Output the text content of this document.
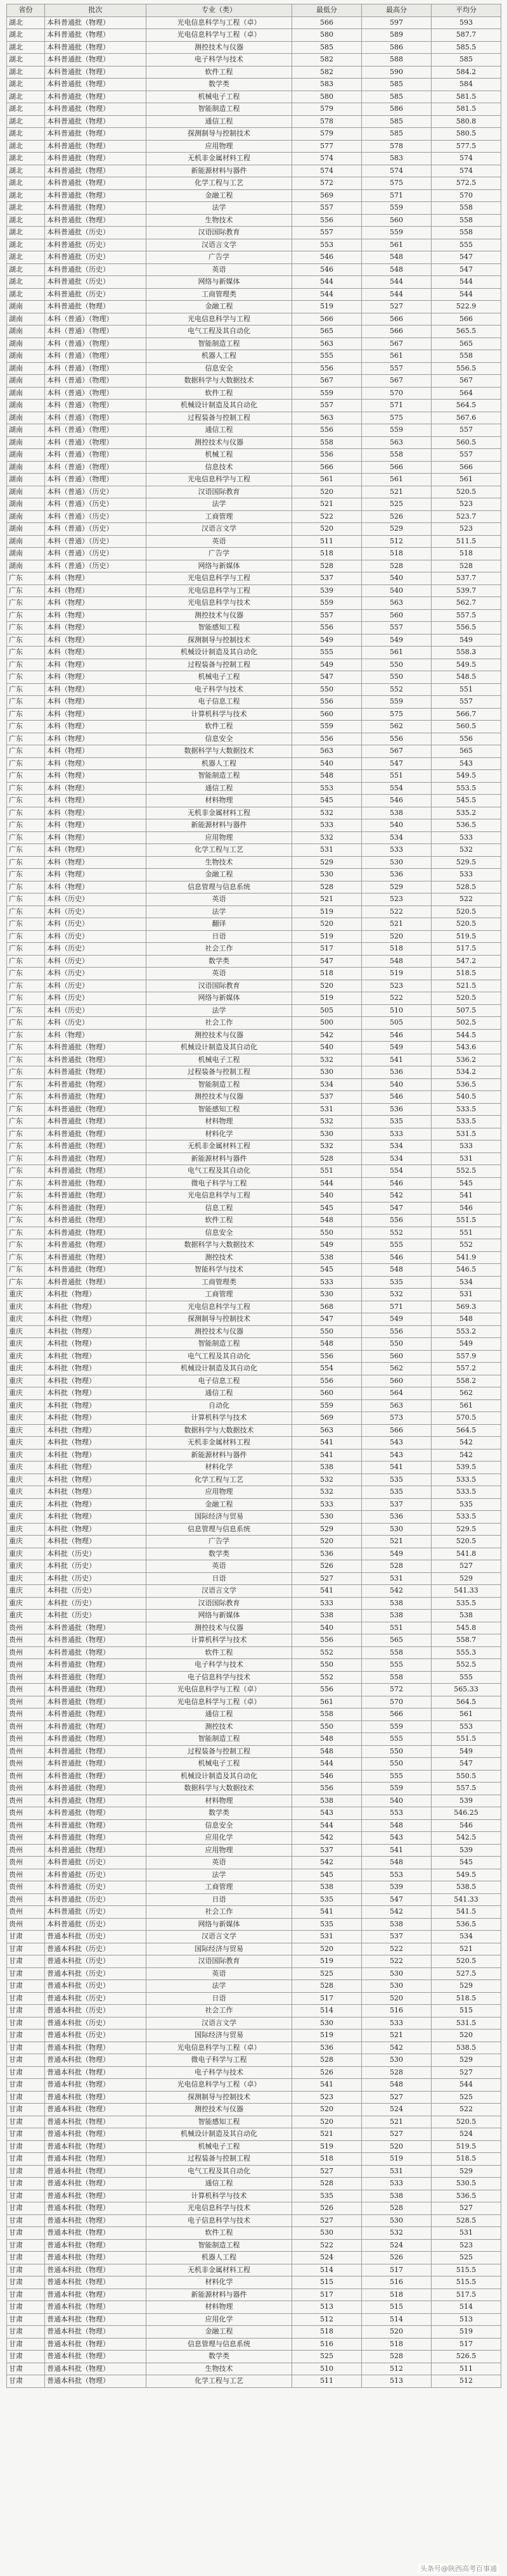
省份	批次	专业（类）	最低分	最高分	平均分
湖北	本科普通批（物理）	光电信息科学与工程（卓）	566	597	593
湖北	本科普通批（物理）	光电信息科学与工程（卓）	580	589	587.7
湖北	本科普通批（物理）	测控技术与仪器	585	586	585.5
湖北	本科普通批（物理）	电子科学与技术	582	588	585
湖北	本科普通批（物理）	软件工程	582	590	584.2
湖北	本科普通批（物理）	数学类	583	585	584
湖北	本科普通批（物理）	机械电子工程	580	585	581.5
湖北	本科普通批（物理）	智能制造工程	579	586	581.5
湖北	本科普通批（物理）	通信工程	578	585	580.8
湖北	本科普通批（物理）	探测制导与控制技术	579	585	580.5
湖北	本科普通批（物理）	应用物理	577	578	577.5
湖北	本科普通批（物理）	无机非金属材料工程	574	583	574
湖北	本科普通批（物理）	新能源材料与器件	574	574	574
湖北	本科普通批（物理）	化学工程与工艺	572	575	572.5
湖北	本科普通批（物理）	金融工程	569	571	570
湖北	本科普通批（物理）	法学	557	559	558
湖北	本科普通批（物理）	生物技术	556	560	558
湖北	本科普通批（历史）	汉语国际教育	557	559	558
湖北	本科普通批（历史）	汉语言文学	553	561	555
湖北	本科普通批（历史）	广告学	546	548	547
湖北	本科普通批（历史）	英语	546	548	547
湖北	本科普通批（历史）	网络与新媒体	544	544	544
湖北	本科普通批（历史）	工商管理类	544	544	544
湖南	本科普通批（物理）	金融工程	519	527	522.9
湖南	本科（普通）（物理）	光电信息科学与工程	566	566	566
湖南	本科（普通）（物理）	电气工程及其自动化	565	566	565.5
湖南	本科（普通）（物理）	智能制造工程	563	567	565
湖南	本科（普通）（物理）	机器人工程	555	561	558
湖南	本科（普通）（物理）	信息安全	556	557	556.5
湖南	本科（普通）（物理）	数据科学与大数据技术	567	567	567
湖南	本科（普通）（物理）	软件工程	559	570	564
湖南	本科（普通）（物理）	机械设计制造及其自动化	557	571	564.5
湖南	本科（普通）（物理）	过程装备与控制工程	563	575	567.6
湖南	本科（普通）（物理）	通信工程	556	559	557
湖南	本科（普通）（物理）	测控技术与仪器	558	563	560.5
湖南	本科（普通）（物理）	机械工程	556	558	557
湖南	本科（普通）（物理）	信息技术	566	566	566
湖南	本科（普通）（物理）	光电信息科学与工程	561	561	561
湖南	本科（普通）（历史）	汉语国际教育	520	521	520.5
湖南	本科（普通）（历史）	法学	521	525	523
湖南	本科（普通）（历史）	工商管理	522	526	523.7
湖南	本科（普通）（历史）	汉语言文学	520	529	523
湖南	本科（普通）（历史）	英语	511	512	511.5
湖南	本科（普通）（历史）	广告学	518	518	518
湖南	本科（普通）（历史）	网络与新媒体	528	528	528
广东	本科（物理）	光电信息科学与工程	537	540	537.7
广东	本科（物理）	光电信息科学与工程	539	540	539.7
广东	本科（物理）	光电信息科学与技术	559	563	562.7
广东	本科（物理）	测控技术与仪器	557	560	557.5
广东	本科（物理）	智能感知工程	556	557	556.5
广东	本科（物理）	探测制导与控制技术	549	549	549
广东	本科（物理）	机械设计制造及其自动化	555	561	558.3
广东	本科（物理）	过程装备与控制工程	549	550	549.5
广东	本科（物理）	机械电子工程	547	550	548.5
广东	本科（物理）	电子科学与技术	550	552	551
广东	本科（物理）	电子信息工程	556	559	557
广东	本科（物理）	计算机科学与技术	560	575	566.7
广东	本科（物理）	软件工程	559	562	560.5
广东	本科（物理）	信息安全	556	556	556
广东	本科（物理）	数据科学与大数据技术	563	567	565
广东	本科（物理）	机器人工程	540	547	543
广东	本科（物理）	智能制造工程	548	551	549.5
广东	本科（物理）	通信工程	553	554	553.5
广东	本科（物理）	材料物理	545	546	545.5
广东	本科（物理）	无机非金属材料工程	532	538	535.2
广东	本科（物理）	新能源材料与器件	533	540	536.5
广东	本科（物理）	应用物理	532	534	533
广东	本科（物理）	化学工程与工艺	531	533	532
广东	本科（物理）	生物技术	529	530	529.5
广东	本科（物理）	金融工程	530	536	533
广东	本科（物理）	信息管理与信息系统	528	529	528.5
广东	本科（历史）	英语	521	523	522
广东	本科（历史）	法学	519	522	520.5
广东	本科（历史）	翻译	520	521	520.5
广东	本科（历史）	日语	519	520	519.5
广东	本科（历史）	社会工作	517	518	517.5
广东	本科（历史）	数学类	547	548	547.2
广东	本科（历史）	英语	518	519	518.5
广东	本科（历史）	汉语国际教育	520	523	521.5
广东	本科（历史）	网络与新媒体	519	522	520.5
广东	本科（历史）	法学	505	510	507.5
广东	本科（历史）	社会工作	500	505	502.5
广东	本科（物理）	测控技术与仪器	542	546	544.5
广东	本科普通批（物理）	机械设计制造及其自动化	540	549	543.6
广东	本科普通批（物理）	机械电子工程	532	541	536.2
广东	本科普通批（物理）	过程装备与控制工程	530	536	534.2
广东	本科普通批（物理）	智能制造工程	534	540	536.5
广东	本科普通批（物理）	测控技术与仪器	537	546	540.5
广东	本科普通批（物理）	智能感知工程	531	536	533.5
广东	本科普通批（物理）	材料物理	532	535	533.5
广东	本科普通批（物理）	材料化学	530	533	531.5
广东	本科普通批（物理）	无机非金属材料工程	532	534	533
广东	本科普通批（物理）	新能源材料与器件	528	534	531
广东	本科普通批（物理）	电气工程及其自动化	551	554	552.5
广东	本科普通批（物理）	微电子科学与工程	544	546	545
广东	本科普通批（物理）	光电信息科学与工程	540	542	541
广东	本科普通批（物理）	信息工程	545	547	546
广东	本科普通批（物理）	软件工程	548	556	551.5
广东	本科普通批（物理）	信息安全	550	552	551
广东	本科普通批（物理）	数据科学与大数据技术	549	555	552
广东	本科普通批（物理）	测控技术	538	546	541.9
广东	本科普通批（物理）	智能科学与技术	545	548	546.5
广东	本科普通批（物理）	工商管理类	533	535	534
重庆	本科批（物理）	工商管理	530	532	531
重庆	本科批（物理）	光电信息科学与工程	568	571	569.3
重庆	本科批（物理）	探测制导与控制技术	547	549	548
重庆	本科批（物理）	测控技术与仪器	550	556	553.2
重庆	本科批（物理）	智能制造工程	548	550	549
重庆	本科批（物理）	电气工程及其自动化	556	560	557.9
重庆	本科批（物理）	机械设计制造及其自动化	554	562	557.2
重庆	本科批（物理）	电子信息工程	556	560	558.2
重庆	本科批（物理）	通信工程	560	564	562
重庆	本科批（物理）	自动化	559	563	561
重庆	本科批（物理）	计算机科学与技术	569	573	570.5
重庆	本科批（物理）	数据科学与大数据技术	563	566	564.5
重庆	本科批（物理）	无机非金属材料工程	541	543	542
重庆	本科批（物理）	新能源材料与器件	541	543	542
重庆	本科批（物理）	材料化学	538	541	539.5
重庆	本科批（物理）	化学工程与工艺	532	535	533.5
重庆	本科批（物理）	应用物理	532	535	533.5
重庆	本科批（物理）	金融工程	533	537	535
重庆	本科批（物理）	国际经济与贸易	530	536	533.5
重庆	本科批（物理）	信息管理与信息系统	529	530	529.5
重庆	本科批（物理）	广告学	520	521	520.5
重庆	本科批（历史）	数学类	536	549	541.8
重庆	本科批（历史）	英语	526	528	527
重庆	本科批（历史）	日语	527	531	529
重庆	本科批（历史）	汉语言文学	541	542	541.33
重庆	本科批（历史）	汉语国际教育	533	538	535.5
重庆	本科批（历史）	网络与新媒体	538	538	538
贵州	本科普通批（物理）	测控技术与仪器	540	551	545.8
贵州	本科普通批（物理）	计算机科学与技术	556	565	558.7
贵州	本科普通批（物理）	软件工程	552	558	555.3
贵州	本科普通批（物理）	电子科学与技术	550	555	552.5
贵州	本科普通批（物理）	电子信息科学与技术	552	558	555
贵州	本科普通批（物理）	光电信息科学与工程（卓）	556	572	565.33
贵州	本科普通批（物理）	光电信息科学与工程（卓）	561	570	564.5
贵州	本科普通批（物理）	通信工程	558	566	561
贵州	本科普通批（物理）	测控技术	550	559	553
贵州	本科普通批（物理）	智能制造工程	548	555	551.5
贵州	本科普通批（物理）	过程装备与控制工程	548	550	549
贵州	本科普通批（物理）	机械电子工程	544	550	547
贵州	本科普通批（物理）	机械设计制造及其自动化	546	555	550.5
贵州	本科普通批（物理）	数据科学与大数据技术	556	559	557.5
贵州	本科普通批（物理）	材料物理	538	540	539
贵州	本科普通批（物理）	数学类	543	553	546.25
贵州	本科普通批（物理）	信息安全	544	548	546
贵州	本科普通批（物理）	应用化学	542	543	542.5
贵州	本科普通批（物理）	应用物理	537	541	539
贵州	本科普通批（历史）	英语	542	548	545
贵州	本科普通批（历史）	法学	545	553	549.5
贵州	本科普通批（历史）	工商管理	538	539	538.5
贵州	本科普通批（历史）	日语	535	547	541.33
贵州	本科普通批（历史）	社会工作	541	542	541.5
贵州	本科普通批（历史）	网络与新媒体	535	538	536.5
甘肃	普通本科批（历史）	汉语言文学	531	537	534
甘肃	普通本科批（历史）	国际经济与贸易	520	522	521
甘肃	普通本科批（历史）	汉语国际教育	519	522	520.5
甘肃	普通本科批（历史）	英语	525	530	527.5
甘肃	普通本科批（历史）	法学	528	530	529
甘肃	普通本科批（历史）	日语	517	520	518.5
甘肃	普通本科批（历史）	社会工作	514	516	515
甘肃	普通本科批（历史）	汉语言文学	530	533	531.5
甘肃	普通本科批（历史）	国际经济与贸易	519	521	520
甘肃	普通本科批（物理）	光电信息科学与工程（卓）	536	542	538.5
甘肃	普通本科批（物理）	微电子科学与工程	528	530	529
甘肃	普通本科批（物理）	电子科学与技术	526	528	527
甘肃	普通本科批（物理）	光电信息科学与工程（卓）	541	548	544
甘肃	普通本科批（物理）	探测制导与控制技术	523	527	525
甘肃	普通本科批（物理）	测控技术与仪器	520	524	522
甘肃	普通本科批（物理）	智能感知工程	520	521	520.5
甘肃	普通本科批（物理）	机械设计制造及其自动化	521	527	524
甘肃	普通本科批（物理）	机械电子工程	519	520	519.5
甘肃	普通本科批（物理）	过程装备与控制工程	518	519	518.5
甘肃	普通本科批（物理）	电气工程及其自动化	527	531	529
甘肃	普通本科批（物理）	通信工程	528	533	530.5
甘肃	普通本科批（物理）	计算机科学与技术	535	538	536.5
甘肃	普通本科批（物理）	光电信息科学与技术	526	528	527
甘肃	普通本科批（物理）	电子信息科学与技术	527	530	528.5
甘肃	普通本科批（物理）	软件工程	530	532	531
甘肃	普通本科批（物理）	智能制造工程	522	524	523
甘肃	普通本科批（物理）	机器人工程	524	526	525
甘肃	普通本科批（物理）	无机非金属材料工程	514	517	515.5
甘肃	普通本科批（物理）	材料化学	515	516	515.5
甘肃	普通本科批（物理）	新能源材料与器件	517	518	517.5
甘肃	普通本科批（物理）	材料物理	513	515	514
甘肃	普通本科批（物理）	应用化学	512	514	513
甘肃	普通本科批（物理）	金融工程	518	520	519
甘肃	普通本科批（物理）	信息管理与信息系统	516	518	517
甘肃	普通本科批（物理）	数学类	525	528	526.5
甘肃	普通本科批（物理）	生物技术	510	512	511
甘肃	普通本科批（物理）	化学工程与工艺	511	513	512
头条号@陕西高考百事通
